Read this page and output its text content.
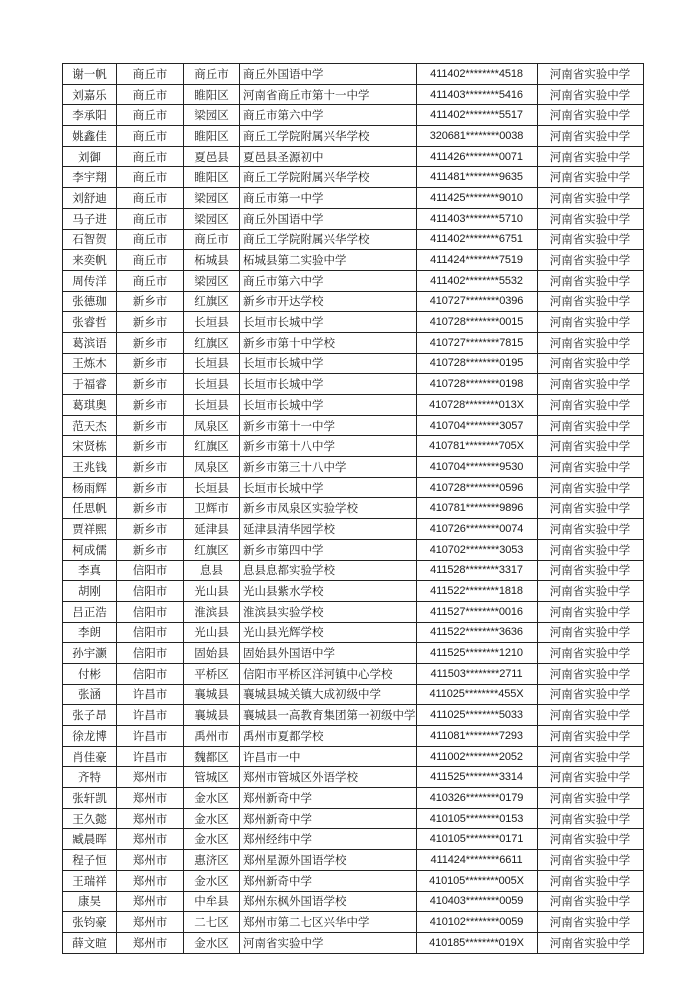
谢一帆	商丘市	商丘市	商丘外国语中学	411402********4518	河南省实验中学
刘嘉乐	商丘市	睢阳区	河南省商丘市第十一中学	411403********5416	河南省实验中学
李承阳	商丘市	梁园区	商丘市第六中学	411402********5517	河南省实验中学
姚鑫佳	商丘市	睢阳区	商丘工学院附属兴华学校	320681********0038	河南省实验中学
刘御	商丘市	夏邑县	夏邑县圣源初中	411426********0071	河南省实验中学
李宇翔	商丘市	睢阳区	商丘工学院附属兴华学校	411481********9635	河南省实验中学
刘舒迪	商丘市	梁园区	商丘市第一中学	411425********9010	河南省实验中学
马子进	商丘市	梁园区	商丘外国语中学	411403********5710	河南省实验中学
石智贺	商丘市	商丘市	商丘工学院附属兴华学校	411402********6751	河南省实验中学
来奕帆	商丘市	柘城县	柘城县第二实验中学	411424********7519	河南省实验中学
周传洋	商丘市	梁园区	商丘市第六中学	411402********5532	河南省实验中学
张德珈	新乡市	红旗区	新乡市开达学校	410727********0396	河南省实验中学
张睿哲	新乡市	长垣县	长垣市长城中学	410728********0015	河南省实验中学
葛滨语	新乡市	红旗区	新乡市第十中学校	410727********7815	河南省实验中学
王炼木	新乡市	长垣县	长垣市长城中学	410728********0195	河南省实验中学
于福睿	新乡市	长垣县	长垣市长城中学	410728********0198	河南省实验中学
葛琪奥	新乡市	长垣县	长垣市长城中学	410728********013X	河南省实验中学
范天杰	新乡市	凤泉区	新乡市第十一中学	410704********3057	河南省实验中学
宋贤栋	新乡市	红旗区	新乡市第十八中学	410781********705X	河南省实验中学
王兆钱	新乡市	凤泉区	新乡市第三十八中学	410704********9530	河南省实验中学
杨雨辉	新乡市	长垣县	长垣市长城中学	410728********0596	河南省实验中学
任思帆	新乡市	卫辉市	新乡市凤泉区实验学校	410781********9896	河南省实验中学
贾祥熙	新乡市	延津县	延津县清华园学校	410726********0074	河南省实验中学
柯成儒	新乡市	红旗区	新乡市第四中学	410702********3053	河南省实验中学
李真	信阳市	息县	息县息都实验学校	411528********3317	河南省实验中学
胡刚	信阳市	光山县	光山县紫水学校	411522********1818	河南省实验中学
吕正浩	信阳市	淮滨县	淮滨县实验学校	411527********0016	河南省实验中学
李朗	信阳市	光山县	光山县光辉学校	411522********3636	河南省实验中学
孙宇灏	信阳市	固始县	固始县外国语中学	411525********1210	河南省实验中学
付彬	信阳市	平桥区	信阳市平桥区洋河镇中心学校	411503********2711	河南省实验中学
张涵	许昌市	襄城县	襄城县城关镇大成初级中学	411025********455X	河南省实验中学
张子昂	许昌市	襄城县	襄城县一高教育集团第一初级中学	411025********5033	河南省实验中学
徐龙博	许昌市	禹州市	禹州市夏都学校	411081********7293	河南省实验中学
肖佳豪	许昌市	魏都区	许昌市一中	411002********2052	河南省实验中学
齐特	郑州市	管城区	郑州市管城区外语学校	411525********3314	河南省实验中学
张轩凯	郑州市	金水区	郑州新奇中学	410326********0179	河南省实验中学
王久懿	郑州市	金水区	郑州新奇中学	410105********0153	河南省实验中学
臧晨晖	郑州市	金水区	郑州经纬中学	410105********0171	河南省实验中学
程子恒	郑州市	惠济区	郑州星源外国语学校	411424********6611	河南省实验中学
王瑞祥	郑州市	金水区	郑州新奇中学	410105********005X	河南省实验中学
康昊	郑州市	中牟县	郑州东枫外国语学校	410403********0059	河南省实验中学
张钧豪	郑州市	二七区	郑州市第二七区兴华中学	410102********0059	河南省实验中学
薛文暄	郑州市	金水区	河南省实验中学	410185********019X	河南省实验中学
